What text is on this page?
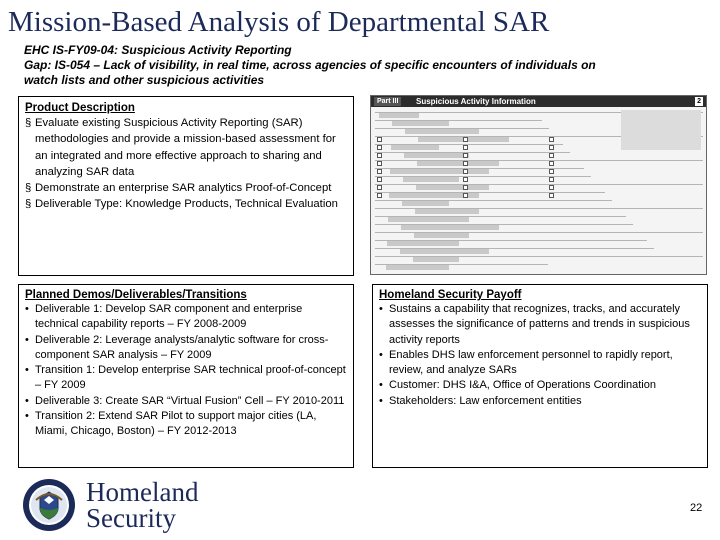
Mission-Based Analysis of Departmental SAR
EHC IS-FY09-04: Suspicious Activity Reporting
Gap: IS-054 – Lack of visibility, in real time, across agencies of specific encounters of individuals on
watch lists and other suspicious activities
Product Description
§ Evaluate existing Suspicious Activity Reporting (SAR) methodologies and provide a mission-based assessment for an integrated and more effective approach to sharing and analyzing SAR data
§ Demonstrate an enterprise SAR analytics Proof-of-Concept
§ Deliverable Type: Knowledge Products, Technical Evaluation
Part III	Suspicious Activity Information	2
Planned Demos/Deliverables/Transitions
• Deliverable 1: Develop SAR component and enterprise technical capability reports – FY 2008-2009
• Deliverable 2: Leverage analysts/analytic software for cross-component SAR analysis – FY 2009
• Transition 1: Develop enterprise SAR technical proof-of-concept – FY 2009
• Deliverable 3: Create SAR “Virtual Fusion” Cell – FY 2010-2011
• Transition 2: Extend SAR Pilot to support major cities (LA, Miami, Chicago, Boston) – FY 2012-2013
Homeland Security Payoff
• Sustains a capability that recognizes, tracks, and accurately assesses the significance of patterns and trends in suspicious activity reports
• Enables DHS law enforcement personnel to rapidly report, review, and analyze SARs
• Customer: DHS I&A, Office of Operations Coordination
• Stakeholders: Law enforcement entities
Homeland
Security	22
